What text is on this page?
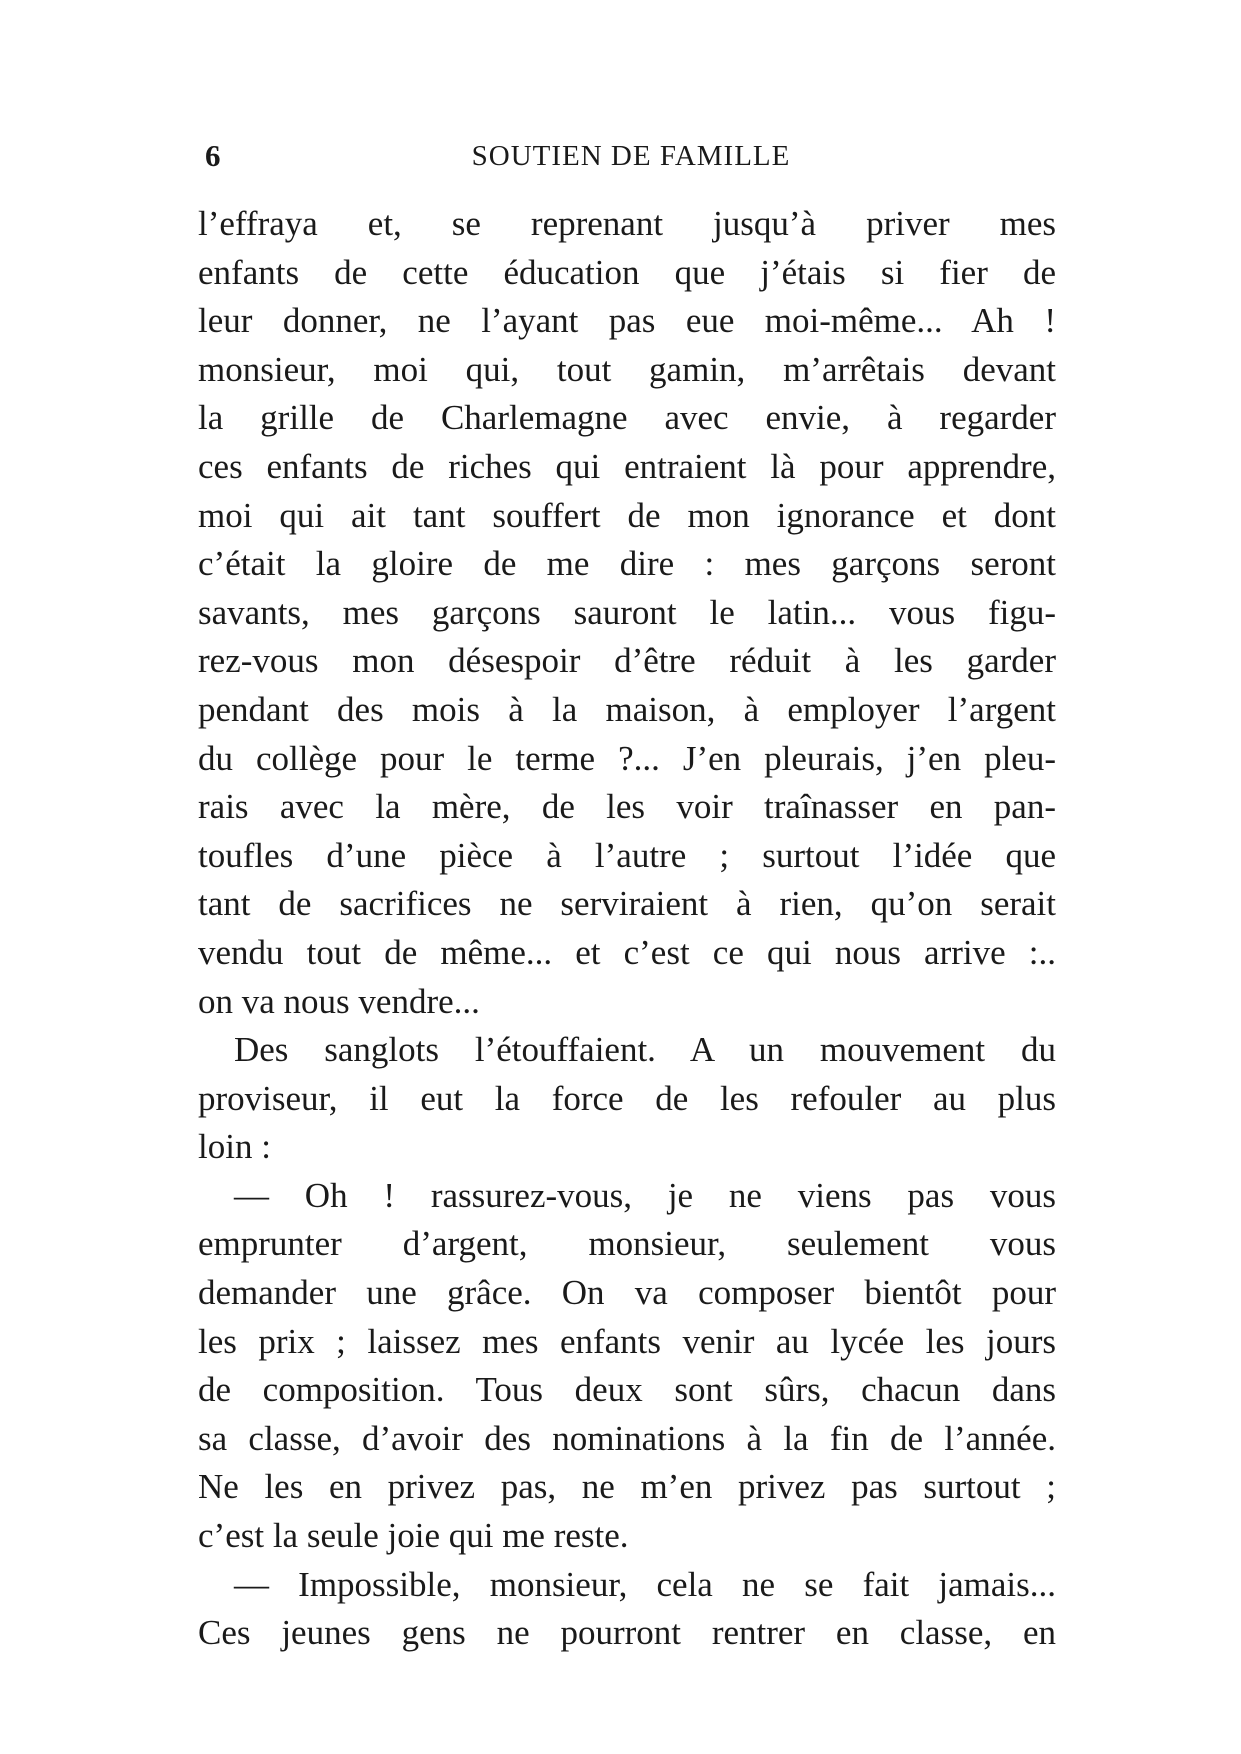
6	SOUTIEN DE FAMILLE
l’effraya et, se reprenant jusqu’à priver mes
enfants de cette éducation que j’étais si fier de
leur donner, ne l’ayant pas eue moi-même... Ah !
monsieur, moi qui, tout gamin, m’arrêtais devant
la grille de Charlemagne avec envie, à regarder
ces enfants de riches qui entraient là pour apprendre,
moi qui ait tant souffert de mon ignorance et dont
c’était la gloire de me dire : mes garçons seront
savants, mes garçons sauront le latin... vous figu-
rez-vous mon désespoir d’être réduit à les garder
pendant des mois à la maison, à employer l’argent
du collège pour le terme ?... J’en pleurais, j’en pleu-
rais avec la mère, de les voir traînasser en pan-
toufles d’une pièce à l’autre ; surtout l’idée que
tant de sacrifices ne serviraient à rien, qu’on serait
vendu tout de même... et c’est ce qui nous arrive :..
on va nous vendre...
Des sanglots l’étouffaient. A un mouvement du
proviseur, il eut la force de les refouler au plus
loin :
— Oh ! rassurez-vous, je ne viens pas vous
emprunter d’argent, monsieur, seulement vous
demander une grâce. On va composer bientôt pour
les prix ; laissez mes enfants venir au lycée les jours
de composition. Tous deux sont sûrs, chacun dans
sa classe, d’avoir des nominations à la fin de l’année.
Ne les en privez pas, ne m’en privez pas surtout ;
c’est la seule joie qui me reste.
— Impossible, monsieur, cela ne se fait jamais...
Ces jeunes gens ne pourront rentrer en classe, en
